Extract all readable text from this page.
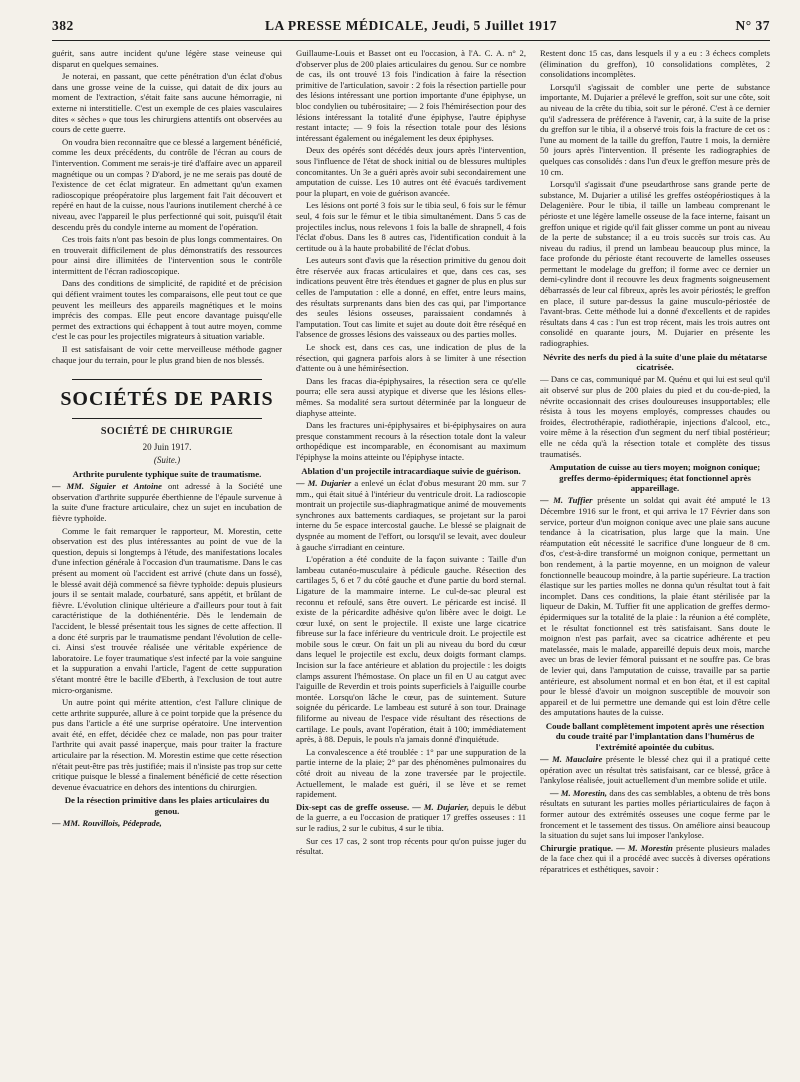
382	LA PRESSE MÉDICALE, Jeudi, 5 Juillet 1917	N° 37

guérit, sans autre incident qu'une légère stase veineuse qui disparut en quelques semaines.

Je noterai, en passant, que cette pénétration d'un éclat d'obus dans une grosse veine de la cuisse, qui datait de dix jours au moment de l'extraction, s'était faite sans aucune hémorragie, ni externe ni interstitielle. C'est un exemple de ces plaies vasculaires dites « sèches » que tous les chirurgiens attentifs ont observées au cours de cette guerre.

On voudra bien reconnaître que ce blessé a largement bénéficié, comme les deux précédents, du contrôle de l'écran au cours de l'intervention. Comment me serais-je tiré d'affaire avec un appareil magnétique ou un compas ? D'abord, je ne me serais pas douté de l'existence de cet éclat migrateur. En admettant qu'un examen radioscopique préopératoire plus largement fait l'ait découvert et repéré en haut de la cuisse, nous l'aurions inutilement cherché à ce niveau, avec l'appareil le plus perfectionné qui soit, puisqu'il était descendu près du condyle interne au moment de l'opération.

Ces trois faits n'ont pas besoin de plus longs commentaires. On en trouverait difficilement de plus démonstratifs des ressources pour ainsi dire illimitées de l'intervention sous le contrôle intermittent de l'écran radioscopique.

Dans des conditions de simplicité, de rapidité et de précision qui défient vraiment toutes les comparaisons, elle peut tout ce que peuvent les meilleurs des appareils magnétiques et le moins imprécis des compas. Elle peut encore davantage puisqu'elle permet des extractions qui échappent à tout autre moyen, comme c'est le cas pour les projectiles migrateurs à situation variable.

Il est satisfaisant de voir cette merveilleuse méthode gagner chaque jour du terrain, pour le plus grand bien de nos blessés.

SOCIÉTÉS DE PARIS
SOCIÉTÉ DE CHIRURGIE
20 Juin 1917.
(Suite.)
Arthrite purulente typhique suite de traumatisme.

— MM. Siguier et Antoine ont adressé à la Société une observation d'arthrite suppurée éberthienne de l'épaule survenue à la suite d'une fracture articulaire, chez un sujet en incubation de fièvre typhoïde.

Comme le fait remarquer le rapporteur, M. Morestin, cette observation est des plus intéressantes au point de vue de la question, depuis si longtemps à l'étude, des manifestations locales d'une infection générale à l'occasion d'un traumatisme. Dans le cas présent au moment où l'accident est arrivé (chute dans un fossé), le blessé avait déjà commencé sa fièvre typhoïde: depuis plusieurs jours il se sentait malade, courbaturé, sans appétit, et brûlant de fièvre. L'évolution clinique ultérieure a d'ailleurs pour tout à fait caractéristique de la dothiénentérie. Dès le lendemain de l'accident, le blessé présentait tous les signes de cette affection. Il a donc été surpris par le traumatisme pendant l'évolution de celle-ci. Ainsi s'est trouvée réalisée une véritable expérience de laboratoire. Le foyer traumatique s'est infecté par la voie sanguine et la suppuration a envahi l'article, l'agent de cette suppuration s'étant montré être le bacille d'Eberth, à l'exclusion de tout autre micro-organisme.

Un autre point qui mérite attention, c'est l'allure clinique de cette arthrite suppurée, allure à ce point torpide que la présence du pus dans l'article a été une surprise opératoire. Une intervention avait été, en effet, décidée chez ce malade, non pas pour traiter l'arthrite qui avait passé inaperçue, mais pour traiter la fracture articulaire par la résection. M. Morestin estime que cette résection n'était peut-être pas très justifiée; mais il n'insiste pas trop sur cette critique puisque le blessé a finalement bénéficié de cette résection devenue évacuatrice en dehors des intentions du chirurgien.

De la résection primitive dans les plaies articulaires du genou.

— MM. Rouvillois, Pédeprade,

Guillaume-Louis et Basset ont eu l'occasion, à l'A. C. A. n° 2, d'observer plus de 200 plaies articulaires du genou. Sur ce nombre de cas, ils ont trouvé 13 fois l'indication à faire la résection primitive de l'articulation, savoir : 2 fois la résection partielle pour des lésions intéressant une portion importante d'une épiphyse, un bloc condylien ou tubérositaire; — 2 fois l'hémirésection pour des lésions intéressant la totalité d'une épiphyse, l'autre épiphyse restant intacte; — 9 fois la résection totale pour des lésions intéressant également ou inégalement les deux épiphyses.

Deux des opérés sont décédés deux jours après l'intervention, sous l'influence de l'état de shock initial ou de blessures multiples concomitantes. Un 3e a guéri après avoir subi secondairement une amputation de cuisse. Les 10 autres ont été évacués tardivement pour la plupart, en voie de guérison avancée.

Les lésions ont porté 3 fois sur le tibia seul, 6 fois sur le fémur seul, 4 fois sur le fémur et le tibia simultanément. Dans 5 cas de projectiles inclus, nous relevons 1 fois la balle de shrapnell, 4 fois l'éclat d'obus. Dans les 8 autres cas, l'identification conduit à la certitude ou à la haute probabilité de l'éclat d'obus.

Les auteurs sont d'avis que la résection primitive du genou doit être réservée aux fracas articulaires et que, dans ces cas, ses indications peuvent être très étendues et gagner de plus en plus sur celles de l'amputation : elle a donné, en effet, entre leurs mains, des résultats surprenants dans bien des cas qui, par l'importance des seules lésions osseuses, paraissaient condamnés à l'amputation. Tout cas limite et sujet au doute doit être réséqué en l'absence de grosses lésions des vaisseaux ou des parties molles.

Le shock est, dans ces cas, une indication de plus de la résection, qui gagnera parfois alors à se limiter à une résection d'attente ou à une hémirésection.

Dans les fracas dia-épiphysaires, la résection sera ce qu'elle pourra; elle sera aussi atypique et diverse que les lésions elles-mêmes. Sa modalité sera surtout déterminée par la longueur de diaphyse atteinte.

Dans les fractures uni-épiphysaires et bi-épiphysaires on aura presque constamment recours à la résection totale dont la valeur orthopédique est incomparable, en économisant au maximum l'épiphyse la moins atteinte ou l'épiphyse intacte.

Ablation d'un projectile intracardiaque suivie de guérison.

— M. Dujarier a enlevé un éclat d'obus mesurant 20 mm. sur 7 mm., qui était situé à l'intérieur du ventricule droit. La radioscopie montrait un projectile sus-diaphragmatique animé de mouvements synchrones aux battements cardiaques, se projetant sur la paroi interne du 5e espace intercostal gauche. Le blessé se plaignait de dyspnée au moment de l'effort, ou lorsqu'il se levait, avec douleur à gauche s'irradiant en ceinture.

L'opération a été conduite de la façon suivante : Taille d'un lambeau cutanéo-musculaire à pédicule gauche. Résection des cartilages 5, 6 et 7 du côté gauche et d'une partie du bord sternal. Ligature de la mammaire interne. Le cul-de-sac pleural est reconnu et refoulé, sans être ouvert. Le péricarde est incisé. Il existe de la péricardite adhésive qu'on libère avec le doigt. Le cœur luxé, on sent le projectile. Il existe une large cicatrice fibreuse sur la face inférieure du ventricule droit. Le projectile est mobile sous le cœur. On fait un pli au niveau du bord du cœur dans lequel le projectile est exclu, deux doigts formant clamps. Incision sur la face antérieure et ablation du projectile : les doigts clamps assurent l'hémostase. On place un fil en U au catgut avec l'aiguille de Reverdin et trois points superficiels à l'aiguille courbe montée. Lorsqu'on lâche le cœur, pas de suintement. Suture soignée du péricarde. Le lambeau est suturé à son tour. Drainage filiforme au niveau de l'espace vide résultant des résections de cartilage. Le pouls, avant l'opération, était à 100; immédiatement après, à 88. Depuis, le pouls n'a jamais donné d'inquiétude.

La convalescence a été troublée : 1° par une suppuration de la partie interne de la plaie; 2° par des phénomènes pulmonaires du côté droit au niveau de la zone traversée par le projectile. Actuellement, le malade est guéri, il se lève et se remet rapidement.

Dix-sept cas de greffe osseuse. — M. Dujarier, depuis le début de la guerre, a eu l'occasion de pratiquer 17 greffes osseuses : 11 sur le radius, 2 sur le cubitus, 4 sur le tibia.

Sur ces 17 cas, 2 sont trop récents pour qu'on puisse juger du résultat.

Restent donc 15 cas, dans lesquels il y a eu : 3 échecs complets (élimination du greffon), 10 consolidations complètes, 2 consolidations incomplètes.

Lorsqu'il s'agissait de combler une perte de substance importante, M. Dujarier a prélevé le greffon, soit sur une côte, soit au niveau de la crête du tibia, soit sur le péroné. C'est à ce dernier qu'il s'adressera de préférence à l'avenir, car, à la suite de la prise du greffon sur le tibia, il a observé trois fois la fracture de cet os : l'une au moment de la taille du greffon, l'autre 1 mois, la dernière 50 jours après l'intervention. Il présente les radiographies de quelques cas consolidés : dans l'un d'eux le greffon mesure près de 10 cm.

Lorsqu'il s'agissait d'une pseudarthrose sans grande perte de substance, M. Dujarier a utilisé les greffes ostéopériostiques à la Delagenière. Pour le tibia, il taille un lambeau comprenant le périoste et une légère lamelle osseuse de la face interne, faisant un greffon unique et rigide qu'il fait glisser comme un pont au niveau de la perte de substance; il a eu trois succès sur trois cas. Au niveau du radius, il prend un lambeau beaucoup plus mince, la face profonde du périoste étant recouverte de lamelles osseuses permettant le modelage du greffon; il forme avec ce dernier un demi-cylindre dont il recouvre les deux fragments soigneusement débarrassés de leur cal fibreux, après les avoir périostés; le greffon en place, il suture par-dessus la gaine musculo-périostée de l'avant-bras. Cette méthode lui a donné d'excellents et de rapides résultats dans 4 cas : l'un est trop récent, mais les trois autres ont consolidé en quarante jours, M. Dujarier en présente les radiographies.

Névrite des nerfs du pied à la suite d'une plaie du métatarse cicatrisée.

— Dans ce cas, communiqué par M. Quénu et qui lui est seul qu'il ait observé sur plus de 200 plaies du pied et du cou-de-pied, la névrite occasionnait des crises douloureuses insupportables; elle résista à tous les moyens employés, compresses chaudes ou froides, électrothérapie, radiothérapie, injections d'alcool, etc., voire même à la résection d'un segment du nerf tibial postérieur; elle ne céda qu'à la résection totale et complète des tissus traumatisés.

Amputation de cuisse au tiers moyen; moignon conique; greffes dermo-épidermiques; état fonctionnel après appareillage.

— M. Tuffier présente un soldat qui avait été amputé le 13 Décembre 1916 sur le front, et qui arriva le 17 Février dans son service, porteur d'un moignon conique avec une plaie sans aucune tendance à la cicatrisation, plus large que la main. Une réamputation eût nécessité le sacrifice d'une longueur de 8 cm. d'os, c'est-à-dire transformé un moignon conique, permettant un bon rendement, à la partie moyenne, en un moignon de valeur fonctionnelle beaucoup moindre, à la partie supérieure. La traction élastique sur les parties molles ne donna qu'un résultat tout à fait incomplet. Dans ces conditions, la plaie étant stérilisée par la liqueur de Dakin, M. Tuffier fit une application de greffes dermo-épidermiques sur la totalité de la plaie : la réunion a été complète, et le résultat fonctionnel est très satisfaisant. Sans doute le moignon n'est pas parfait, avec sa cicatrice adhérente et peu matelassée, mais le malade, appareillé depuis deux mois, marche avec un bras de levier fémoral puissant et ne souffre pas. Ce bras de levier qui, dans l'amputation de cuisse, travaille par sa partie antérieure, est absolument normal et en bon état, et il est capital pour le blessé d'avoir un moignon susceptible de mouvoir son appareil et de lui permettre une demande qui est loin d'être celle des amputations hautes de la cuisse.

Coude ballant complètement impotent après une résection du coude traité par l'implantation dans l'humérus de l'extrémité apointée du cubitus.

— M. Mauclaire présente le blessé chez qui il a pratiqué cette opération avec un résultat très satisfaisant, car ce blessé, grâce à l'ankylose réalisée, jouit actuellement d'un membre solide et utile.

— M. Morestin, dans des cas semblables, a obtenu de très bons résultats en suturant les parties molles périarticulaires de façon à former autour des extrémités osseuses une coque ferme par le froncement et le tassement des tissus. On améliore ainsi beaucoup la situation du sujet sans lui imposer l'ankylose.

Chirurgie pratique. — M. Morestin présente plusieurs malades de la face chez qui il a procédé avec succès à diverses opérations réparatrices et esthétiques, savoir :
